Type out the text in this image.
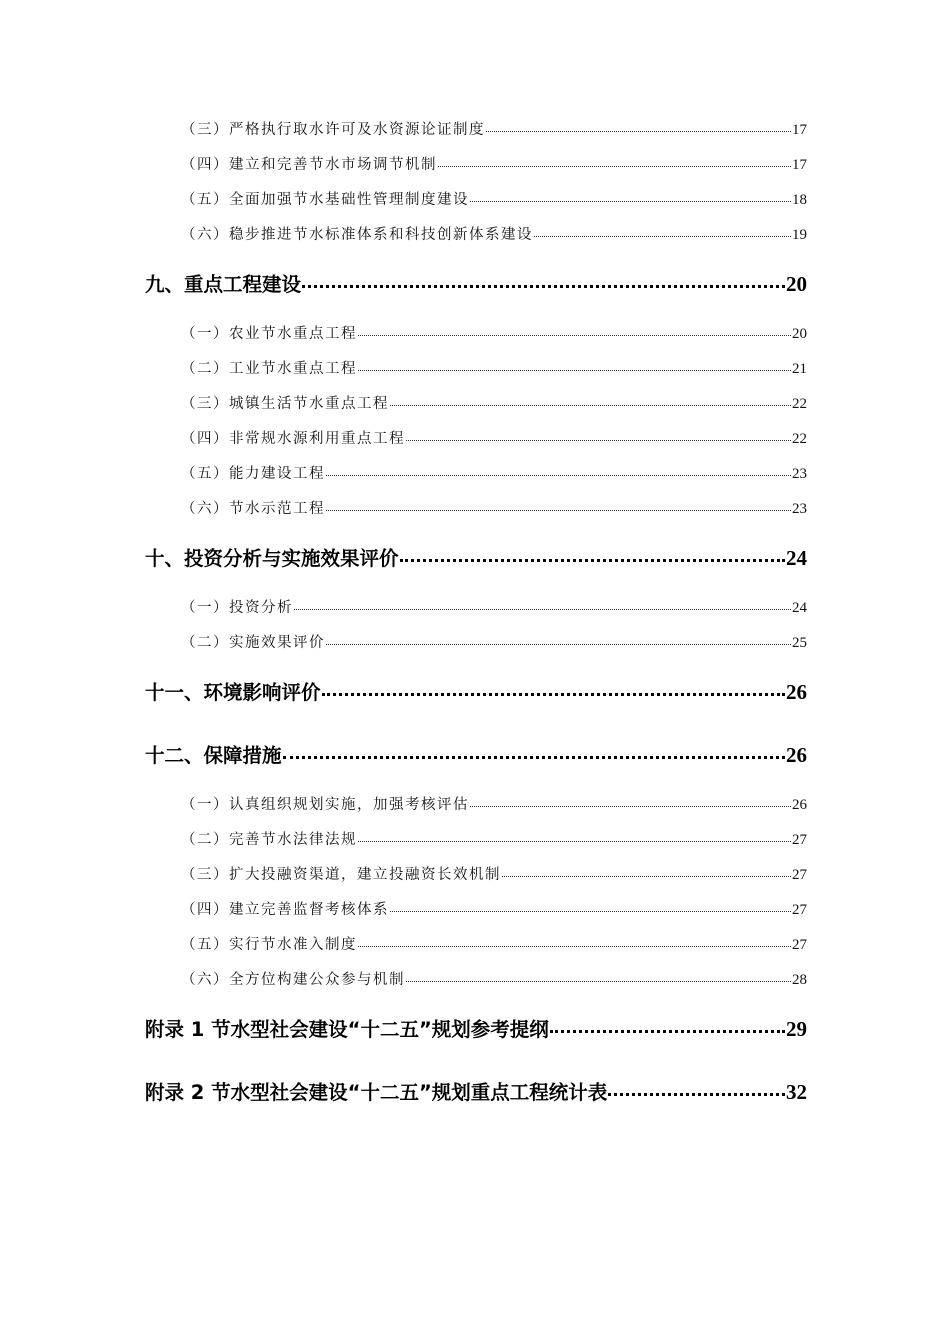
（三）严格执行取水许可及水资源论证制度	17
（四）建立和完善节水市场调节机制	17
（五）全面加强节水基础性管理制度建设	18
（六）稳步推进节水标准体系和科技创新体系建设	19
九、重点工程建设	20
（一）农业节水重点工程	20
（二）工业节水重点工程	21
（三）城镇生活节水重点工程	22
（四）非常规水源利用重点工程	22
（五）能力建设工程	23
（六）节水示范工程	23
十、投资分析与实施效果评价	24
（一）投资分析	24
（二）实施效果评价	25
十一、环境影响评价	26
十二、保障措施	26
（一）认真组织规划实施，加强考核评估	26
（二）完善节水法律法规	27
（三）扩大投融资渠道，建立投融资长效机制	27
（四）建立完善监督考核体系	27
（五）实行节水准入制度	27
（六）全方位构建公众参与机制	28
附录 1 节水型社会建设“十二五”规划参考提纲	29
附录 2 节水型社会建设“十二五”规划重点工程统计表	32
